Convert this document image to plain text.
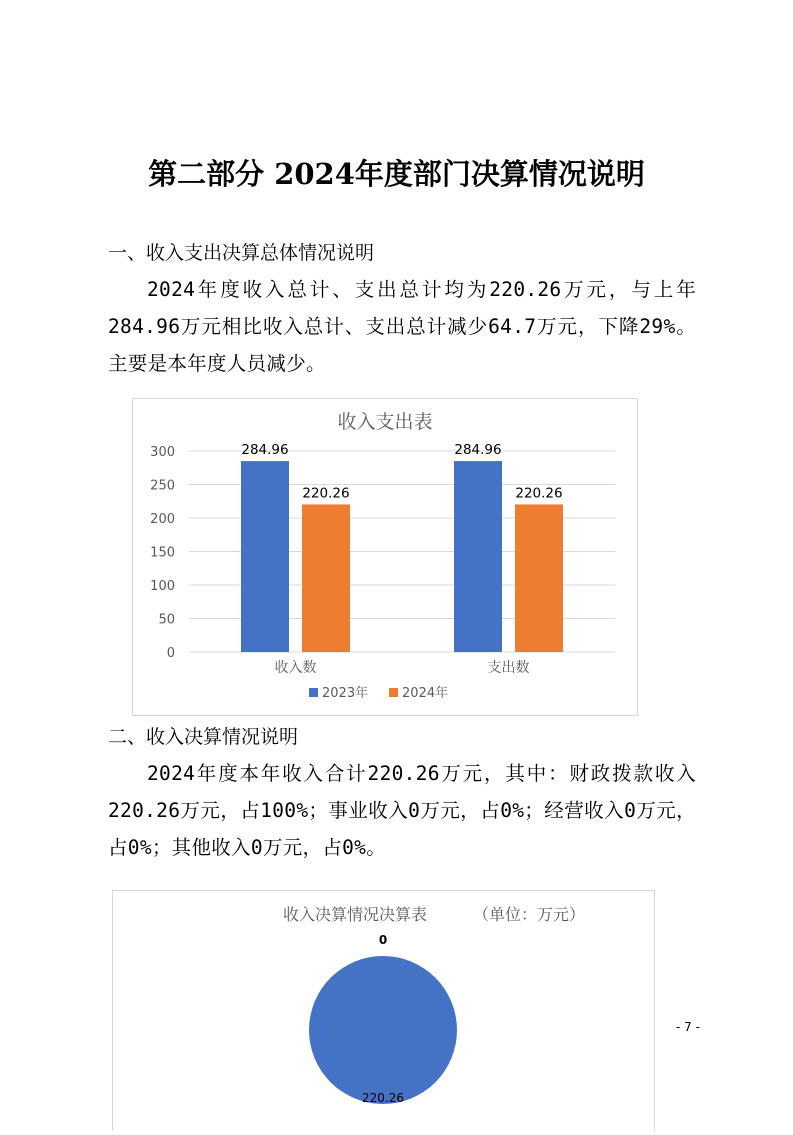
第二部分 2024年度部门决算情况说明
一、收入支出决算总体情况说明
2024年度收入总计、支出总计均为220.26万元，与上年284.96万元相比收入总计、支出总计减少64.7万元，下降29%。主要是本年度人员减少。
收入支出表
0
50
100
150
200
250
300	284.96
220.26
284.96
220.26
收入数	支出数
2023年	2024年
二、收入决算情况说明
2024年度本年收入合计220.26万元，其中：财政拨款收入220.26万元，占100%；事业收入0万元，占0%；经营收入0万元，占0%；其他收入0万元，占0%。
收入决算情况决算表	（单位：万元）
220.26
0
- 7 -
